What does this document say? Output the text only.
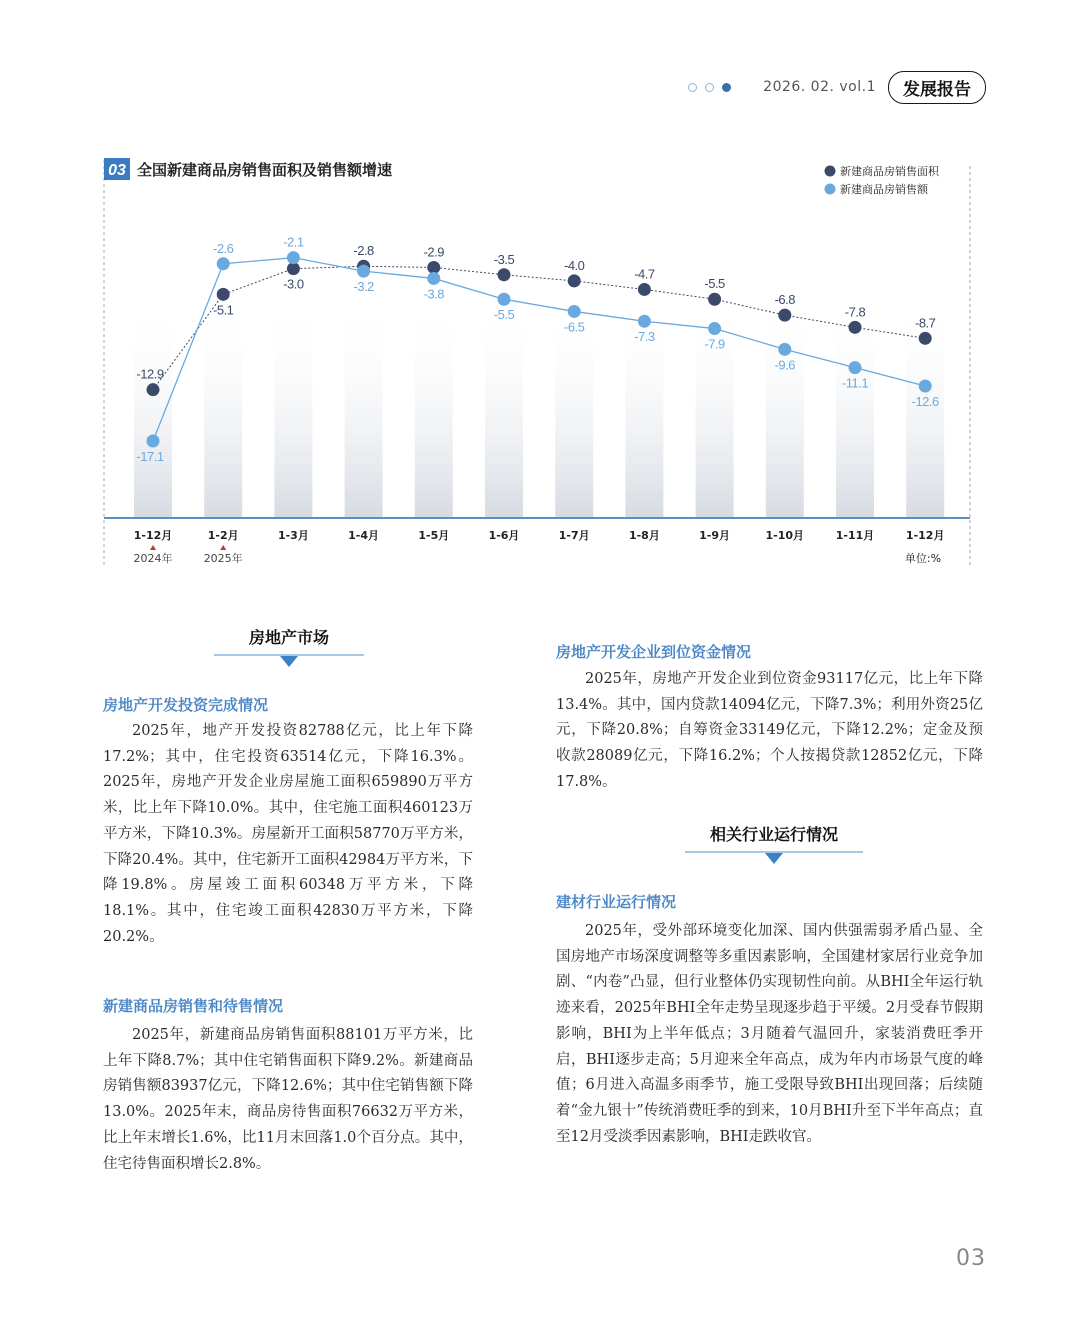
2026. 02. vol.1	发展报告
03 全国新建商品房销售面积及销售额增速	新建商品房销售面积
新建商品房销售额
-12.9
-5.1
-3.0
-2.8	-2.9	-3.5	-4.0
-4.7
-5.5
-6.8
-7.8
-8.7
-17.1
-2.6	-2.1
-3.2	-3.8
-5.5
-6.5
-7.3	-7.9
-9.6
-11.1
-12.6
1-12月	1-2月	1-3月	1-4月	1-5月	1-6月	1-7月	1-8月	1-9月	1-10月	1-11月	1-12月
2024年	2025年	单位:%
房地产市场
房地产开发投资完成情况

2025年，地产开发投资82788亿元，比上年下降17.2%；其中，住宅投资63514亿元，下降16.3%。2025年，房地产开发企业房屋施工面积659890万平方米，比上年下降10.0%。其中，住宅施工面积460123万平方米，下降10.3%。房屋新开工面积58770万平方米，下降20.4%。其中，住宅新开工面积42984万平方米，下降19.8%。房屋竣工面积60348万平方米，下降18.1%。其中，住宅竣工面积42830万平方米，下降20.2%。

新建商品房销售和待售情况

2025年，新建商品房销售面积88101万平方米，比上年下降8.7%；其中住宅销售面积下降9.2%。新建商品房销售额83937亿元，下降12.6%；其中住宅销售额下降13.0%。2025年末，商品房待售面积76632万平方米，比上年末增长1.6%，比11月末回落1.0个百分点。其中，住宅待售面积增长2.8%。

房地产开发企业到位资金情况

2025年，房地产开发企业到位资金93117亿元，比上年下降13.4%。其中，国内贷款14094亿元，下降7.3%；利用外资25亿元，下降20.8%；自筹资金33149亿元，下降12.2%；定金及预收款28089亿元，下降16.2%；个人按揭贷款12852亿元，下降17.8%。

相关行业运行情况
建材行业运行情况

2025年，受外部环境变化加深、国内供强需弱矛盾凸显、全国房地产市场深度调整等多重因素影响，全国建材家居行业竞争加剧、“内卷”凸显，但行业整体仍实现韧性向前。从BHI全年运行轨迹来看，2025年BHI全年走势呈现逐步趋于平缓。2月受春节假期影响，BHI为上半年低点；3月随着气温回升，家装消费旺季开启，BHI逐步走高；5月迎来全年高点，成为年内市场景气度的峰值；6月进入高温多雨季节，施工受限导致BHI出现回落；后续随着“金九银十”传统消费旺季的到来，10月BHI升至下半年高点；直至12月受淡季因素影响，BHI走跌收官。

03
